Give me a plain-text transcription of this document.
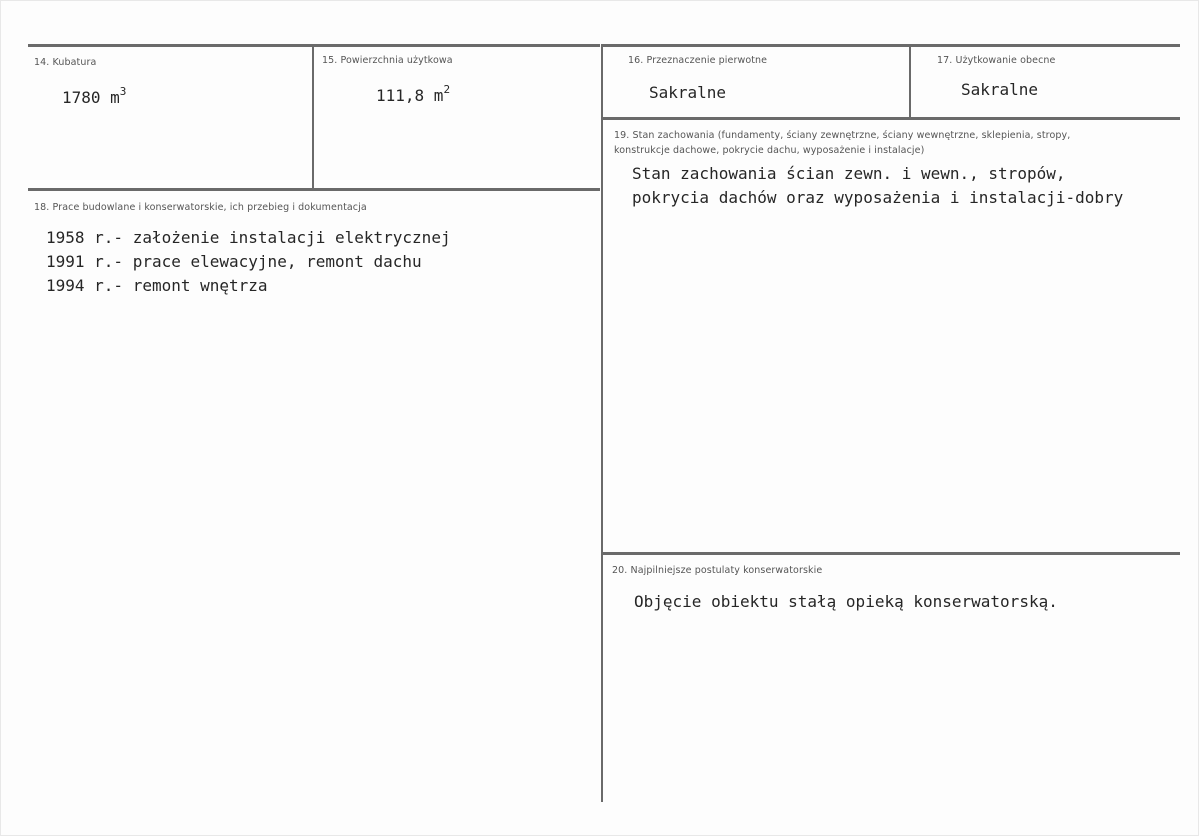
14. Kubatura
1780 $m^3$
15. Powierzchnia użytkowa
111,8 $m^2$
16. Przeznaczenie pierwotne
Sakralne
17. Użytkowanie obecne
Sakralne
18. Prace budowlane i konserwatorskie, ich przebieg i dokumentacja
1958 r.- założenie instalacji elektrycznej
1991 r.- prace elewacyjne, remont dachu
1994 r.- remont wnętrza
19. Stan zachowania (fundamenty, ściany zewnętrzne, ściany wewnętrzne, sklepienia, stropy, konstrukcje dachowe, pokrycie dachu, wyposażenie i instalacje)
Stan zachowania ścian zewn. i wewn., stropów, pokrycia dachów oraz wyposażenia i instalacji-dobry
20. Najpilniejsze postulaty konserwatorskie
Objęcie obiektu stałą opieką konserwatorską.
